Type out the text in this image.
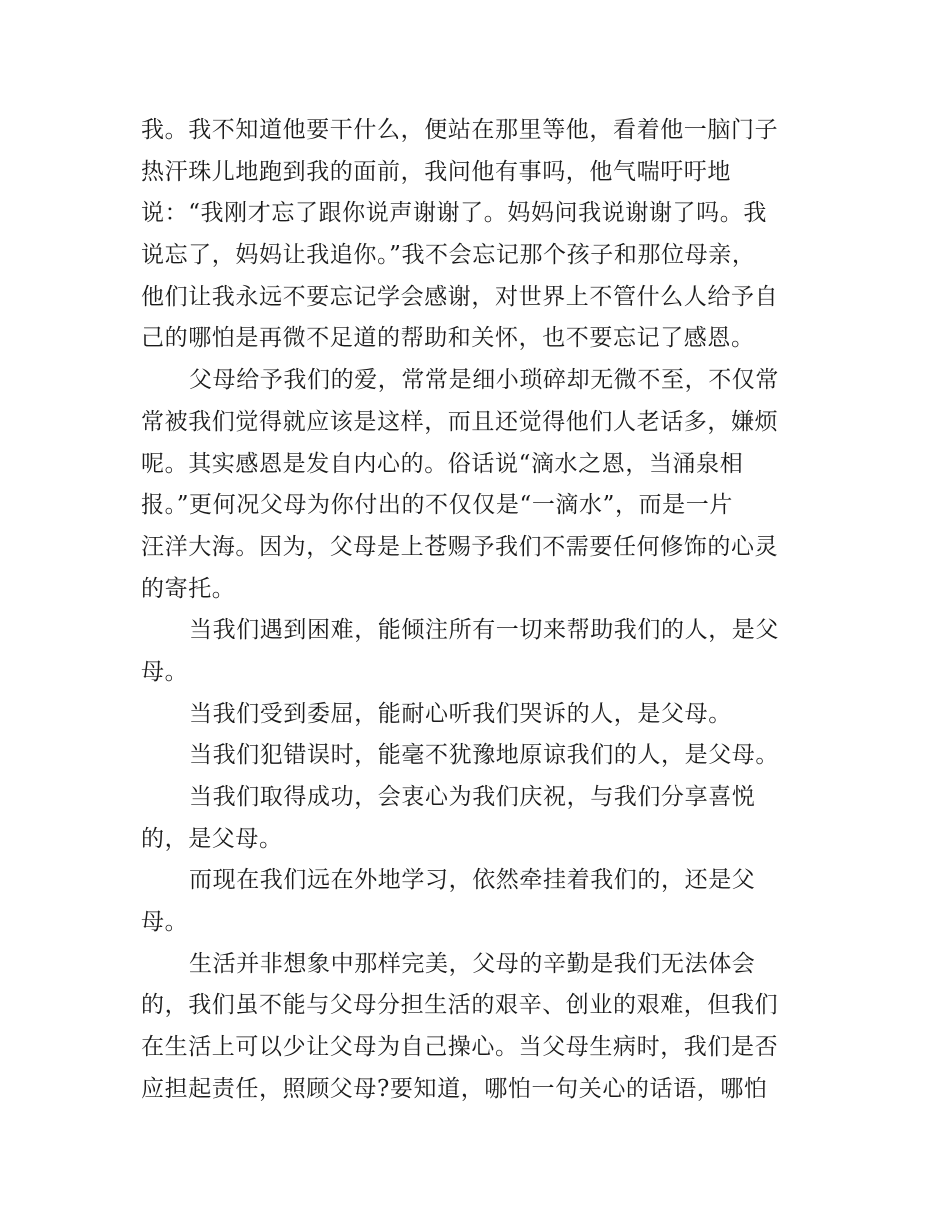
我。我不知道他要干什么，便站在那里等他，看着他一脑门子
热汗珠儿地跑到我的面前，我问他有事吗，他气喘吁吁地
说：“我刚才忘了跟你说声谢谢了。妈妈问我说谢谢了吗。我
说忘了，妈妈让我追你。”我不会忘记那个孩子和那位母亲，
他们让我永远不要忘记学会感谢，对世界上不管什么人给予自
己的哪怕是再微不足道的帮助和关怀，也不要忘记了感恩。
父母给予我们的爱，常常是细小琐碎却无微不至，不仅常
常被我们觉得就应该是这样，而且还觉得他们人老话多，嫌烦
呢。其实感恩是发自内心的。俗话说“滴水之恩，当涌泉相
报。”更何况父母为你付出的不仅仅是“一滴水”，而是一片
汪洋大海。因为，父母是上苍赐予我们不需要任何修饰的心灵
的寄托。
当我们遇到困难，能倾注所有一切来帮助我们的人，是父
母。
当我们受到委屈，能耐心听我们哭诉的人，是父母。
当我们犯错误时，能毫不犹豫地原谅我们的人，是父母。
当我们取得成功，会衷心为我们庆祝，与我们分享喜悦
的，是父母。
而现在我们远在外地学习，依然牵挂着我们的，还是父
母。
生活并非想象中那样完美，父母的辛勤是我们无法体会
的，我们虽不能与父母分担生活的艰辛、创业的艰难，但我们
在生活上可以少让父母为自己操心。当父母生病时，我们是否
应担起责任，照顾父母?要知道，哪怕一句关心的话语，哪怕
